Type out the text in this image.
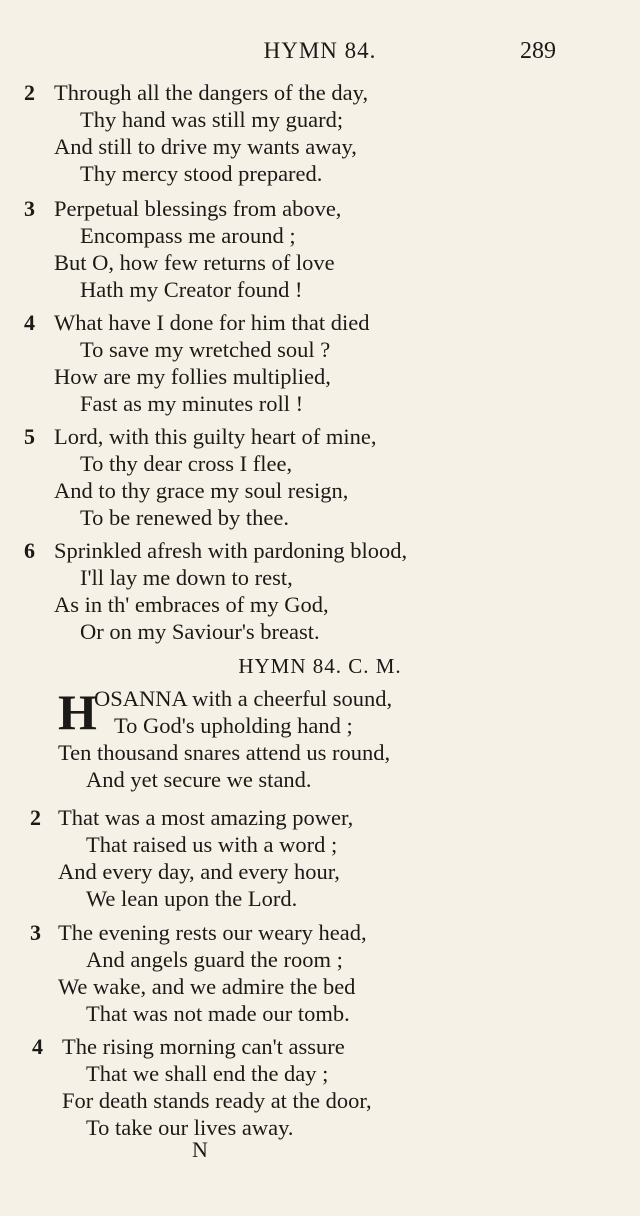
HYMN 84.	289
2 Through all the dangers of the day,
Thy hand was still my guard;
And still to drive my wants away,
Thy mercy stood prepared.
3 Perpetual blessings from above,
Encompass me around ;
But O, how few returns of love
Hath my Creator found !
4 What have I done for him that died
To save my wretched soul ?
How are my follies multiplied,
Fast as my minutes roll !
5 Lord, with this guilty heart of mine,
To thy dear cross I flee,
And to thy grace my soul resign,
To be renewed by thee.
6 Sprinkled afresh with pardoning blood,
I'll lay me down to rest,
As in th' embraces of my God,
Or on my Saviour's breast.
HYMN 84. C. M.
H
OSANNA with a cheerful sound,
To God's upholding hand ;
Ten thousand snares attend us round,
And yet secure we stand.
2 That was a most amazing power,
That raised us with a word ;
And every day, and every hour,
We lean upon the Lord.
3 The evening rests our weary head,
And angels guard the room ;
We wake, and we admire the bed
That was not made our tomb.
4 The rising morning can't assure
That we shall end the day ;
For death stands ready at the door,
To take our lives away.
N
